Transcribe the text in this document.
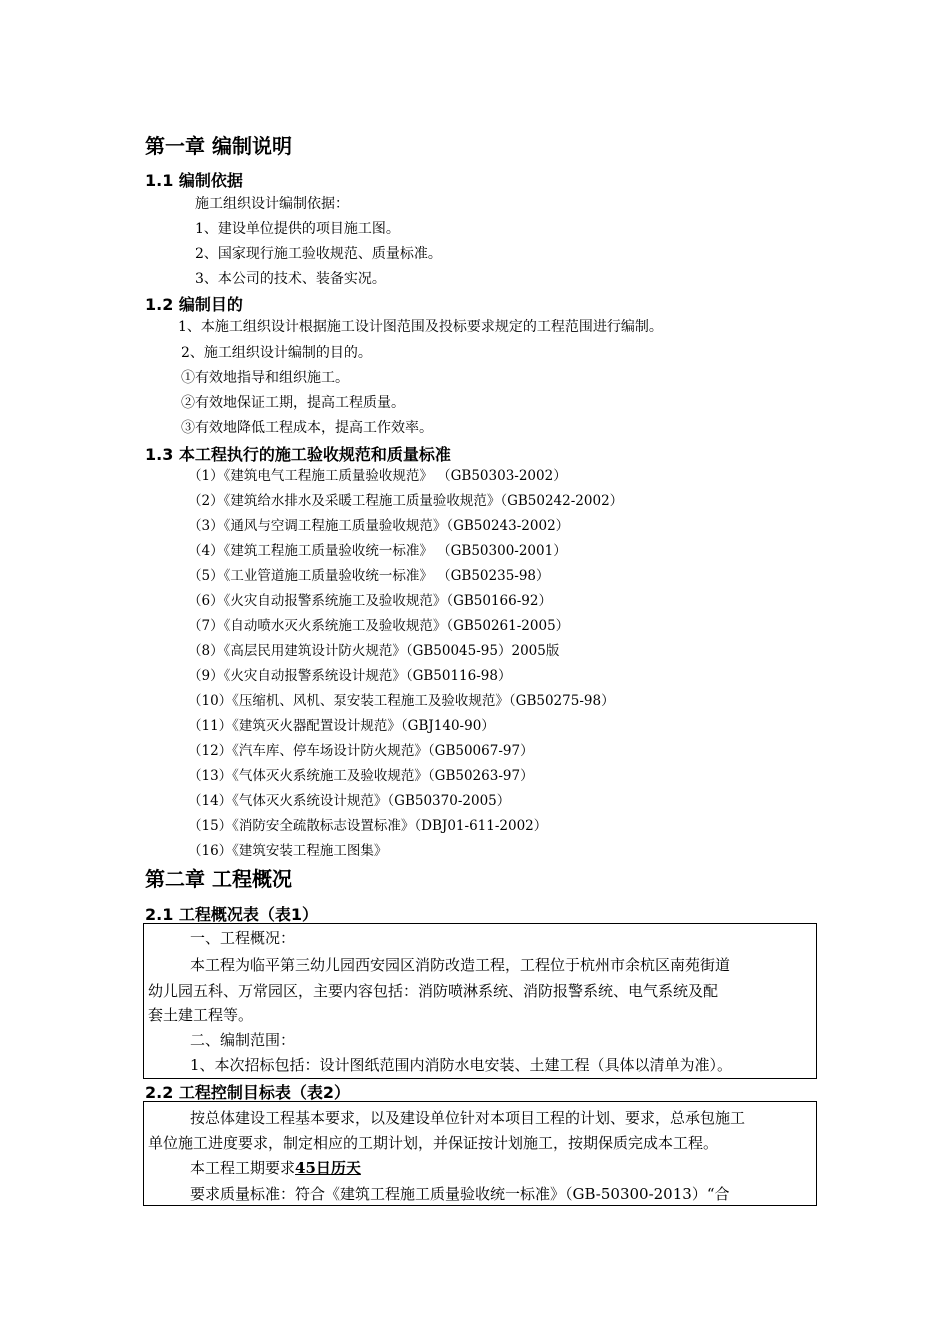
第一章 编制说明
1.1 编制依据
施工组织设计编制依据：
1、建设单位提供的项目施工图。
2、国家现行施工验收规范、质量标准。
3、本公司的技术、装备实况。
1.2 编制目的
1、本施工组织设计根据施工设计图范围及投标要求规定的工程范围进行编制。
2、施工组织设计编制的目的。
①有效地指导和组织施工。
②有效地保证工期，提高工程质量。
③有效地降低工程成本，提高工作效率。
1.3 本工程执行的施工验收规范和质量标准
（1）《建筑电气工程施工质量验收规范》 （GB50303-2002）
（2）《建筑给水排水及采暖工程施工质量验收规范》（GB50242-2002）
（3）《通风与空调工程施工质量验收规范》（GB50243-2002）
（4）《建筑工程施工质量验收统一标准》 （GB50300-2001）
（5）《工业管道施工质量验收统一标准》 （GB50235-98）
（6）《火灾自动报警系统施工及验收规范》（GB50166-92）
（7）《自动喷水灭火系统施工及验收规范》（GB50261-2005）
（8）《高层民用建筑设计防火规范》（GB50045-95）2005版
（9）《火灾自动报警系统设计规范》（GB50116-98）
（10）《压缩机、风机、泵安装工程施工及验收规范》（GB50275-98）
（11）《建筑灭火器配置设计规范》（GBJ140-90）
（12）《汽车库、停车场设计防火规范》（GB50067-97）
（13）《气体灭火系统施工及验收规范》（GB50263-97）
（14）《气体灭火系统设计规范》（GB50370-2005）
（15）《消防安全疏散标志设置标准》（DBJ01-611-2002）
（16）《建筑安装工程施工图集》
第二章 工程概况
2.1 工程概况表（表1）
一、工程概况：
本工程为临平第三幼儿园西安园区消防改造工程，工程位于杭州市余杭区南苑街道
幼儿园五科、万常园区，主要内容包括：消防喷淋系统、消防报警系统、电气系统及配
套土建工程等。
二、编制范围：
1、本次招标包括：设计图纸范围内消防水电安装、土建工程（具体以清单为准）。
2.2 工程控制目标表（表2）
按总体建设工程基本要求，以及建设单位针对本项目工程的计划、要求，总承包施工
单位施工进度要求，制定相应的工期计划，并保证按计划施工，按期保质完成本工程。
本工程工期要求45日历天
要求质量标准：符合《建筑工程施工质量验收统一标准》（GB-50300-2013）“合
